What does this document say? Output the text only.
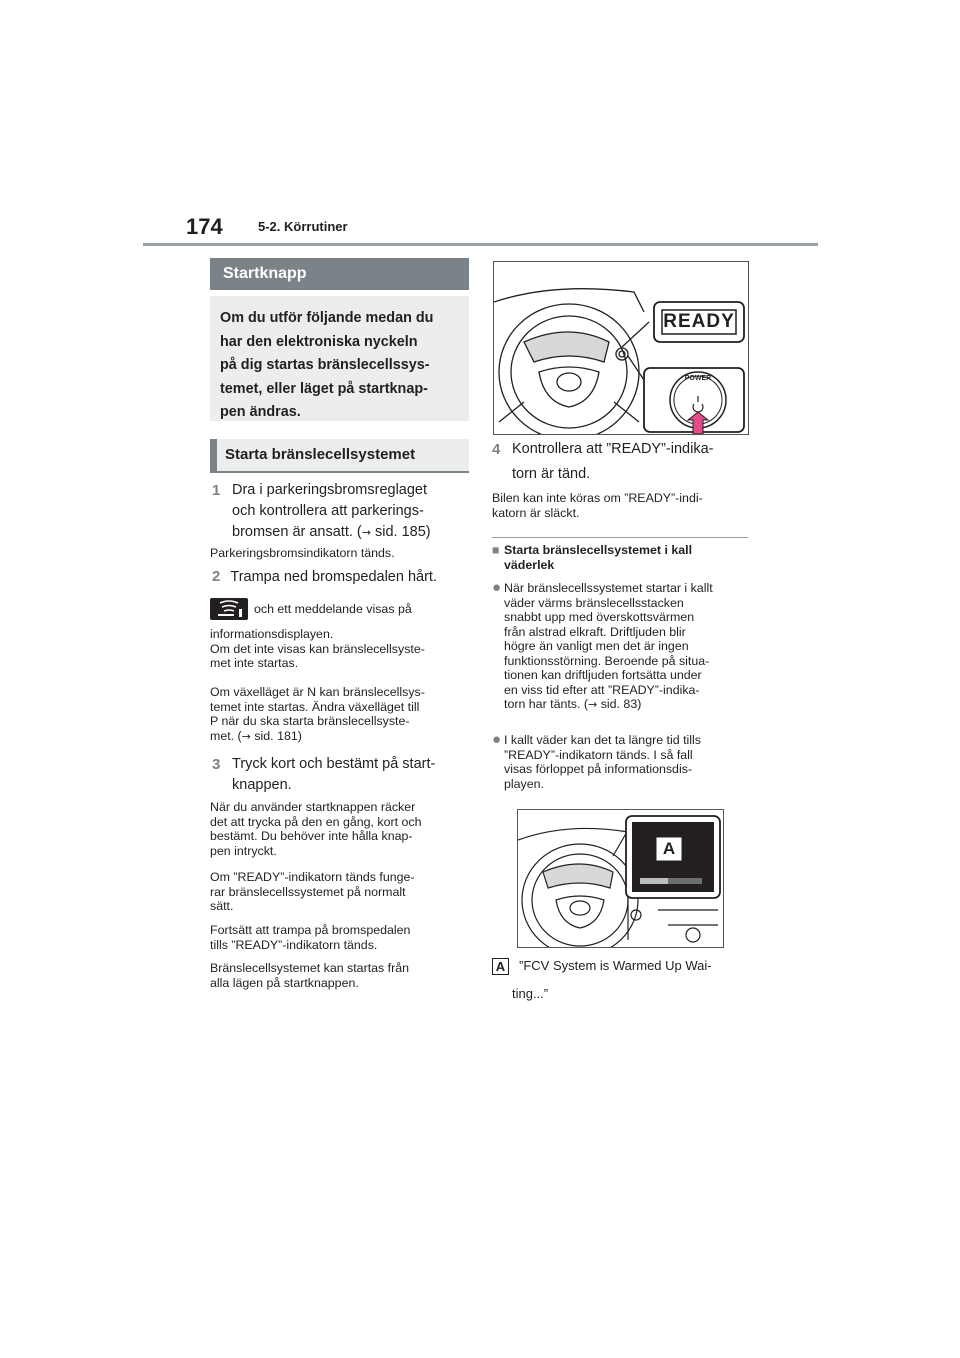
174	5-2. Körrutiner
Startknapp
Om du utför följande medan du
har den elektroniska nyckeln
på dig startas bränslecellssys-
temet, eller läget på startknap-
pen ändras.
Starta bränslecellsystemet
1 Dra i parkeringsbromsreglaget
och kontrollera att parkerings-
bromsen är ansatt. (→ sid. 185)
Parkeringsbromsindikatorn tänds.
2 Trampa ned bromspedalen hårt.
och ett meddelande visas på
informationsdisplayen.
Om det inte visas kan bränslecellsyste-
met inte startas.
Om växelläget är N kan bränslecellsys-
temet inte startas. Ändra växelläget till
P när du ska starta bränslecellsyste-
met. (→ sid. 181)
3 Tryck kort och bestämt på start-
knappen.
När du använder startknappen räcker
det att trycka på den en gång, kort och
bestämt. Du behöver inte hålla knap-
pen intryckt.
Om ”READY”-indikatorn tänds funge-
rar bränslecellssystemet på normalt
sätt.
Fortsätt att trampa på bromspedalen
tills ”READY”-indikatorn tänds.
Bränslecellsystemet kan startas från
alla lägen på startknappen.
READY
POWER
4 Kontrollera att ”READY”-indika-
torn är tänd.
Bilen kan inte köras om ”READY”-indi-
katorn är släckt.
■ Starta bränslecellsystemet i kall
väderlek
● När bränslecellssystemet startar i kallt
väder värms bränslecellsstacken
snabbt upp med överskottsvärmen
från alstrad elkraft. Driftljuden blir
högre än vanligt men det är ingen
funktionsstörning. Beroende på situa-
tionen kan driftljuden fortsätta under
en viss tid efter att ”READY”-indika-
torn har tänts. (→ sid. 83)
● I kallt väder kan det ta längre tid tills
”READY”-indikatorn tänds. I så fall
visas förloppet på informationsdis-
playen.
A
A ”FCV System is Warmed Up Wai-
ting...”
